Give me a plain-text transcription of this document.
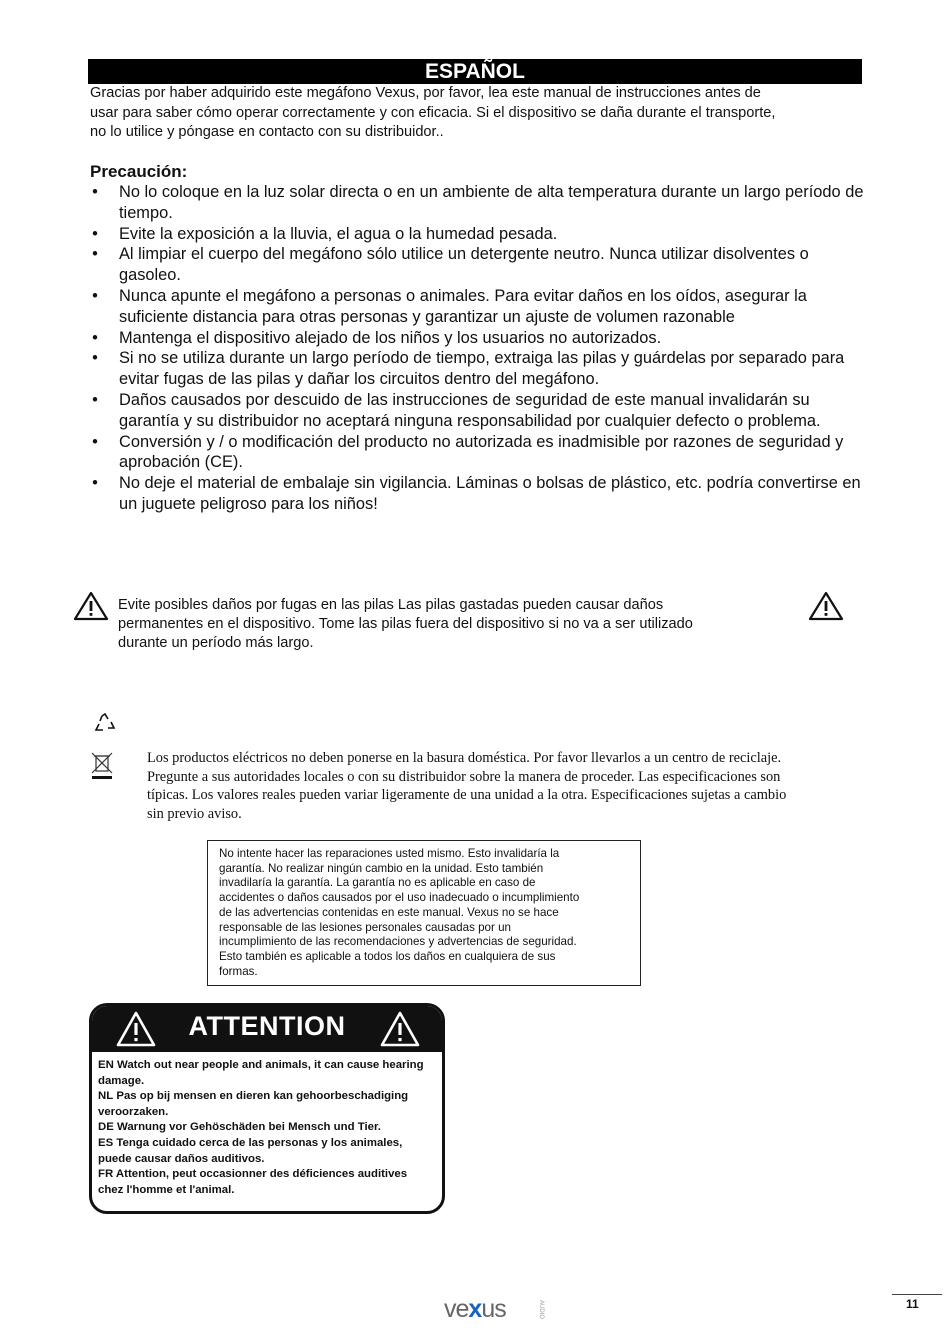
ESPAÑOL
Gracias por haber adquirido este megáfono Vexus, por favor, lea este manual de instrucciones antes de
usar para saber cómo operar correctamente y con eficacia. Si el dispositivo se daña durante el transporte,
no lo utilice y póngase en contacto con su distribuidor..
Precaución:
• No lo coloque en la luz solar directa o en un ambiente de alta temperatura durante un largo período de tiempo.
• Evite la exposición a la lluvia, el agua o la humedad pesada.
• Al limpiar el cuerpo del megáfono sólo utilice un detergente neutro. Nunca utilizar disolventes o gasoleo.
• Nunca apunte el megáfono a personas o animales. Para evitar daños en los oídos, asegurar la suficiente distancia para otras personas y garantizar un ajuste de volumen razonable
• Mantenga el dispositivo alejado de los niños y los usuarios no autorizados.
• Si no se utiliza durante un largo período de tiempo, extraiga las pilas y guárdelas por separado para evitar fugas de las pilas y dañar los circuitos dentro del megáfono.
• Daños causados por descuido de las instrucciones de seguridad de este manual invalidarán su garantía y su distribuidor no aceptará ninguna responsabilidad por cualquier defecto o problema.
• Conversión y / o modificación del producto no autorizada es inadmisible por razones de seguridad y aprobación (CE).
• No deje el material de embalaje sin vigilancia. Láminas o bolsas de plástico, etc. podría convertirse en un juguete peligroso para los niños!
Evite posibles daños por fugas en las pilas Las pilas gastadas pueden causar daños
permanentes en el dispositivo. Tome las pilas fuera del dispositivo si no va a ser utilizado
durante un período más largo.
Los productos eléctricos no deben ponerse en la basura doméstica. Por favor llevarlos a un centro de reciclaje.
Pregunte a sus autoridades locales o con su distribuidor sobre la manera de proceder. Las especificaciones son
típicas. Los valores reales pueden variar ligeramente de una unidad a la otra. Especificaciones sujetas a cambio
sin previo aviso.
No intente hacer las reparaciones usted mismo. Esto invalidaría la
garantía. No realizar ningún cambio en la unidad. Esto también
invadilaría la garantía. La garantía no es aplicable en caso de
accidentes o daños causados por el uso inadecuado o incumplimiento
de las advertencias contenidas en este manual. Vexus no se hace
responsable de las lesiones personales causadas por un
incumplimiento de las recomendaciones y advertencias de seguridad.
Esto también es aplicable a todos los daños en cualquiera de sus
formas.
ATTENTION
EN Watch out near people and animals, it can cause hearing
damage.
NL Pas op bij mensen en dieren kan gehoorbeschadiging
veroorzaken.
DE Warnung vor Gehöschäden bei Mensch und Tier.
ES Tenga cuidado cerca de las personas y los animales,
puede causar daños auditivos.
FR Attention, peut occasionner des déficiences auditives
chez l'homme et l'animal.
vexus	AUDIO	11
